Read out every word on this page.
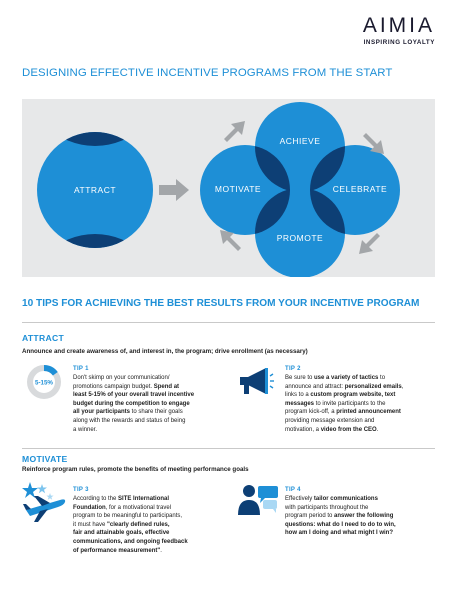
AIMIA
INSPIRING LOYALTY
DESIGNING EFFECTIVE INCENTIVE PROGRAMS FROM THE START
ATTRACT
ACHIEVE
MOTIVATE	CELEBRATE
PROMOTE
10 TIPS FOR ACHIEVING THE BEST RESULTS FROM YOUR INCENTIVE PROGRAM
ATTRACT
Announce and create awareness of, and interest in, the program; drive enrollment (as necessary)
5-15%
TIP 1
Don't skimp on your communication/
promotions campaign budget. Spend at
least 5-15% of your overall travel incentive
budget during the competition to engage
all your participants to share their goals
along with the rewards and status of being
a winner.
TIP 2
Be sure to use a variety of tactics to
announce and attract: personalized emails,
links to a custom program website, text
messages to invite participants to the
program kick-off, a printed announcement
providing message extension and
motivation, a video from the CEO.
MOTIVATE
Reinforce program rules, promote the benefits of meeting performance goals
TIP 3
According to the SITE International
Foundation, for a motivational travel
program to be meaningful to participants,
it must have "clearly defined rules,
fair and attainable goals, effective
communications, and ongoing feedback
of performance measurement".
TIP 4
Effectively tailor communications
with participants throughout the
program period to answer the following
questions: what do I need to do to win,
how am I doing and what might I win?
